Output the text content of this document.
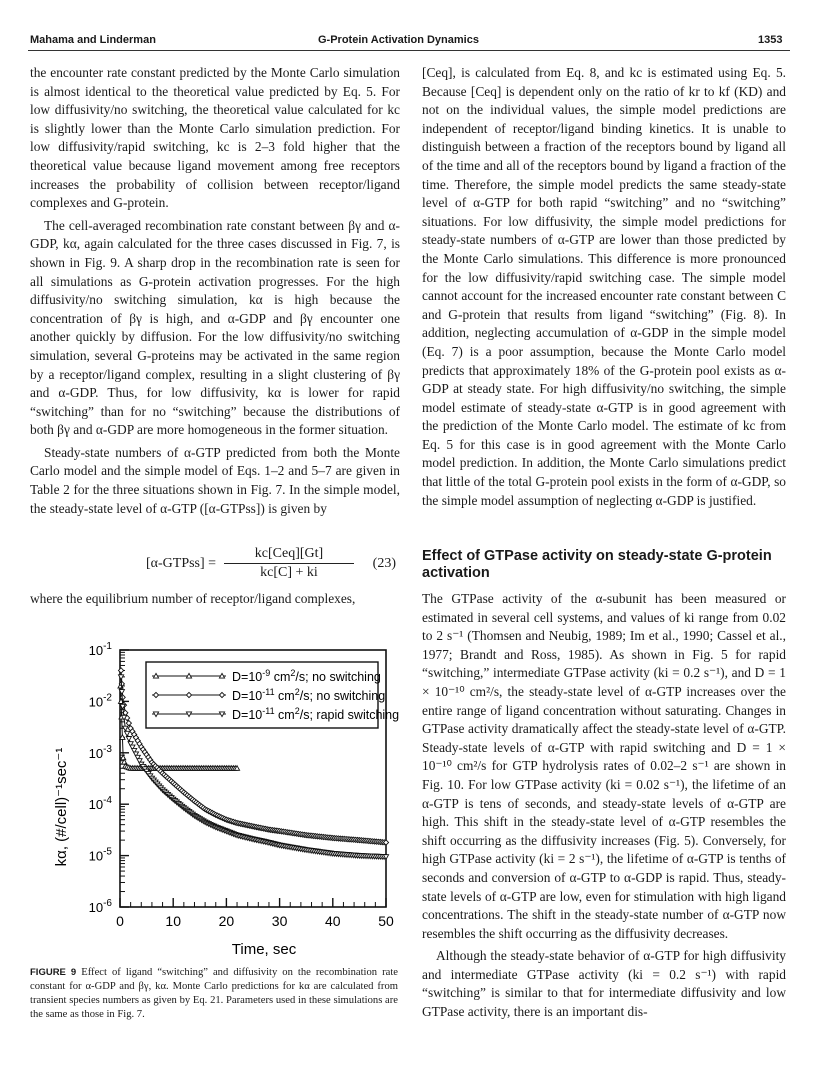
Mahama and Linderman	G-Protein Activation Dynamics	1353

the encounter rate constant predicted by the Monte Carlo simulation is almost identical to the theoretical value predicted by Eq. 5. For low diffusivity/no switching, the theoretical value calculated for kc is slightly lower than the Monte Carlo simulation prediction. For low diffusivity/rapid switching, kc is 2–3 fold higher that the theoretical value because ligand movement among free receptors increases the probability of collision between receptor/ligand complexes and G-protein.

The cell-averaged recombination rate constant between βγ and α-GDP, kα, again calculated for the three cases discussed in Fig. 7, is shown in Fig. 9. A sharp drop in the recombination rate is seen for all simulations as G-protein activation progresses. For the high diffusivity/no switching simulation, kα is high because the concentration of βγ is high, and α-GDP and βγ encounter one another quickly by diffusion. For the low diffusivity/no switching simulation, several G-proteins may be activated in the same region by a receptor/ligand complex, resulting in a slight clustering of βγ and α-GDP. Thus, for low diffusivity, kα is lower for rapid “switching” than for no “switching” because the distributions of both βγ and α-GDP are more homogeneous in the former situation.

Steady-state numbers of α-GTP predicted from both the Monte Carlo model and the simple model of Eqs. 1–2 and 5–7 are given in Table 2 for the three situations shown in Fig. 7. In the simple model, the steady-state level of α-GTP ([α-GTPss]) is given by

[α-GTPss] =
kc[Ceq][Gt]
kc[C] + ki
(23)

where the equilibrium number of receptor/ligand complexes,

$10^{-6}$
$10^{-5}$
$10^{-4}$
$10^{-3}$
$10^{-2}$
$10^{-1}$
0	10	20	30	40	50
$D=10^{-9}$ $cm^2/s$; no switching
$D=10^{-11}$ $cm^2/s$; no switching
$D=10^{-11}$ $cm^2/s$; rapid switching
kα, (#/cell)⁻¹sec⁻¹
Time, sec

[Ceq], is calculated from Eq. 8, and kc is estimated using Eq. 5. Because [Ceq] is dependent only on the ratio of kr to kf (KD) and not on the individual values, the simple model predictions are independent of receptor/ligand binding kinetics. It is unable to distinguish between a fraction of the receptors bound by ligand all of the time and all of the receptors bound by ligand a fraction of the time. Therefore, the simple model predicts the same steady-state level of α-GTP for both rapid “switching” and no “switching” situations. For low diffusivity, the simple model predictions for steady-state numbers of α-GTP are lower than those predicted by the Monte Carlo simulations. This difference is more pronounced for the low diffusivity/rapid switching case. The simple model cannot account for the increased encounter rate constant between C and G-protein that results from ligand “switching” (Fig. 8). In addition, neglecting accumulation of α-GDP in the simple model (Eq. 7) is a poor assumption, because the Monte Carlo model predicts that approximately 18% of the G-protein pool exists as α-GDP at steady state. For high diffusivity/no switching, the simple model estimate of steady-state α-GTP is in good agreement with the prediction of the Monte Carlo model. The estimate of kc from Eq. 5 for this case is in good agreement with the Monte Carlo model prediction. In addition, the Monte Carlo simulations predict that little of the total G-protein pool exists in the form of α-GDP, so the simple model assumption of neglecting α-GDP is justified.

Effect of GTPase activity on steady-state G-protein activation

The GTPase activity of the α-subunit has been measured or estimated in several cell systems, and values of ki range from 0.02 to 2 s⁻¹ (Thomsen and Neubig, 1989; Im et al., 1990; Cassel et al., 1977; Brandt and Ross, 1985). As shown in Fig. 5 for rapid “switching,” intermediate GTPase activity (ki = 0.2 s⁻¹), and D = 1 × 10⁻¹⁰ cm²/s, the steady-state level of α-GTP increases over the entire range of ligand concentration without saturating. Changes in GTPase activity dramatically affect the steady-state level of α-GTP. Steady-state levels of α-GTP with rapid switching and D = 1 × 10⁻¹⁰ cm²/s for GTP hydrolysis rates of 0.02–2 s⁻¹ are shown in Fig. 10. For low GTPase activity (ki = 0.02 s⁻¹), the lifetime of an α-GTP is tens of seconds, and steady-state levels of α-GTP are high. This shift in the steady-state level of α-GTP resembles the shift occurring as the diffusivity increases (Fig. 5). Conversely, for high GTPase activity (ki = 2 s⁻¹), the lifetime of α-GTP is tenths of seconds and conversion of α-GTP to α-GDP is rapid. Thus, steady-state levels of α-GTP are low, even for stimulation with high ligand concentrations. The shift in the steady-state number of α-GTP now resembles the shift occurring as the diffusivity decreases.

Although the steady-state behavior of α-GTP for high diffusivity and intermediate GTPase activity (ki = 0.2 s⁻¹) with rapid “switching” is similar to that for intermediate diffusivity and low GTPase activity, there is an important dis-

FIGURE 9 Effect of ligand “switching” and diffusivity on the recombination rate constant for α-GDP and βγ, kα. Monte Carlo predictions for kα are calculated from transient species numbers as given by Eq. 21. Parameters used in these simulations are the same as those in Fig. 7.
